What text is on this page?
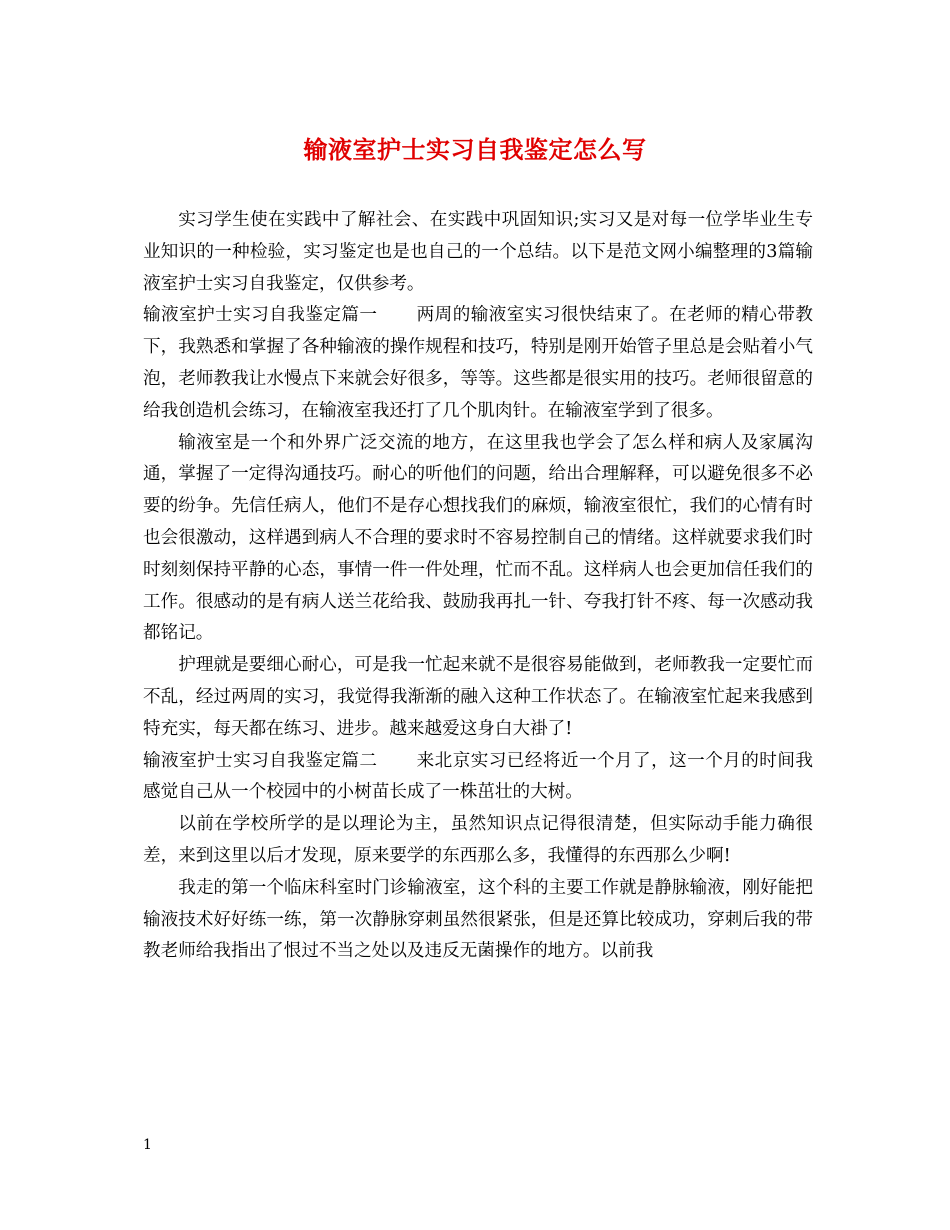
输液室护士实习自我鉴定怎么写

实习学生使在实践中了解社会、在实践中巩固知识;实习又是对每一位学毕业生专业知识的一种检验，实习鉴定也是也自己的一个总结。以下是范文网小编整理的3篇输液室护士实习自我鉴定，仅供参考。

输液室护士实习自我鉴定篇一 两周的输液室实习很快结束了。在老师的精心带教下，我熟悉和掌握了各种输液的操作规程和技巧，特别是刚开始管子里总是会贴着小气泡，老师教我让水慢点下来就会好很多，等等。这些都是很实用的技巧。老师很留意的给我创造机会练习，在输液室我还打了几个肌肉针。在输液室学到了很多。

输液室是一个和外界广泛交流的地方，在这里我也学会了怎么样和病人及家属沟通，掌握了一定得沟通技巧。耐心的听他们的问题，给出合理解释，可以避免很多不必要的纷争。先信任病人，他们不是存心想找我们的麻烦，输液室很忙，我们的心情有时也会很激动，这样遇到病人不合理的要求时不容易控制自己的情绪。这样就要求我们时时刻刻保持平静的心态，事情一件一件处理，忙而不乱。这样病人也会更加信任我们的工作。很感动的是有病人送兰花给我、鼓励我再扎一针、夸我打针不疼、每一次感动我都铭记。

护理就是要细心耐心，可是我一忙起来就不是很容易能做到，老师教我一定要忙而不乱，经过两周的实习，我觉得我渐渐的融入这种工作状态了。在输液室忙起来我感到特充实，每天都在练习、进步。越来越爱这身白大褂了!

输液室护士实习自我鉴定篇二 来北京实习已经将近一个月了，这一个月的时间我感觉自己从一个校园中的小树苗长成了一株茁壮的大树。

以前在学校所学的是以理论为主，虽然知识点记得很清楚，但实际动手能力确很差，来到这里以后才发现，原来要学的东西那么多，我懂得的东西那么少啊!

我走的第一个临床科室时门诊输液室，这个科的主要工作就是静脉输液，刚好能把输液技术好好练一练，第一次静脉穿刺虽然很紧张，但是还算比较成功，穿刺后我的带教老师给我指出了恨过不当之处以及违反无菌操作的地方。以前我

1
